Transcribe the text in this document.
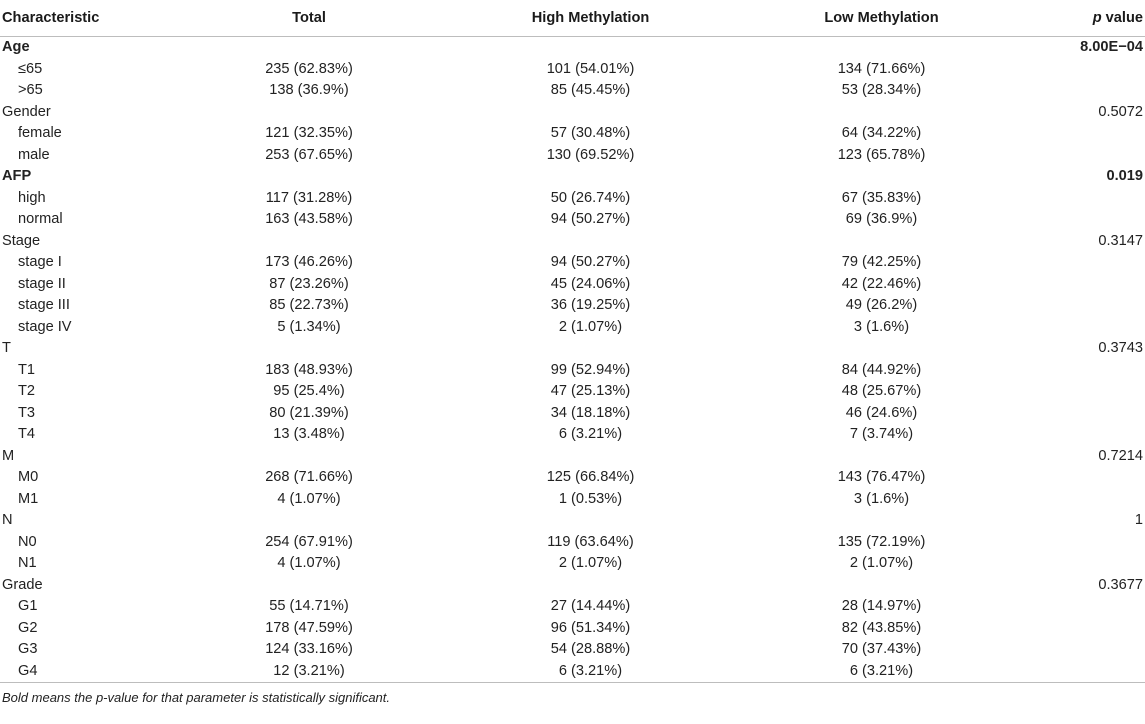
Characteristic	Total	High Methylation	Low Methylation	p value
Age				8.00E−04
≤65	235 (62.83%)	101 (54.01%)	134 (71.66%)	
>65	138 (36.9%)	85 (45.45%)	53 (28.34%)	
Gender				0.5072
female	121 (32.35%)	57 (30.48%)	64 (34.22%)	
male	253 (67.65%)	130 (69.52%)	123 (65.78%)	
AFP				0.019
high	117 (31.28%)	50 (26.74%)	67 (35.83%)	
normal	163 (43.58%)	94 (50.27%)	69 (36.9%)	
Stage				0.3147
stage I	173 (46.26%)	94 (50.27%)	79 (42.25%)	
stage II	87 (23.26%)	45 (24.06%)	42 (22.46%)	
stage III	85 (22.73%)	36 (19.25%)	49 (26.2%)	
stage IV	5 (1.34%)	2 (1.07%)	3 (1.6%)	
T				0.3743
T1	183 (48.93%)	99 (52.94%)	84 (44.92%)	
T2	95 (25.4%)	47 (25.13%)	48 (25.67%)	
T3	80 (21.39%)	34 (18.18%)	46 (24.6%)	
T4	13 (3.48%)	6 (3.21%)	7 (3.74%)	
M				0.7214
M0	268 (71.66%)	125 (66.84%)	143 (76.47%)	
M1	4 (1.07%)	1 (0.53%)	3 (1.6%)	
N				1
N0	254 (67.91%)	119 (63.64%)	135 (72.19%)	
N1	4 (1.07%)	2 (1.07%)	2 (1.07%)	
Grade				0.3677
G1	55 (14.71%)	27 (14.44%)	28 (14.97%)	
G2	178 (47.59%)	96 (51.34%)	82 (43.85%)	
G3	124 (33.16%)	54 (28.88%)	70 (37.43%)	
G4	12 (3.21%)	6 (3.21%)	6 (3.21%)	
Bold means the p-value for that parameter is statistically significant.
